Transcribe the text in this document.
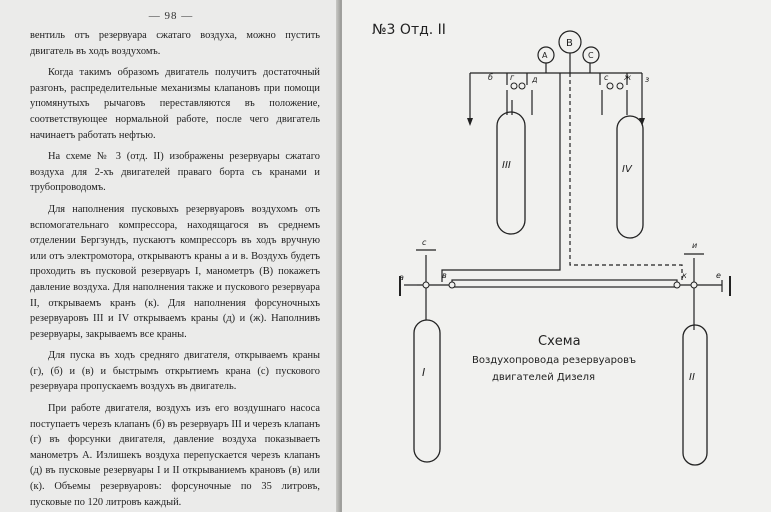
— 98 —

вентиль отъ резервуара сжатаго воздуха, можно пустить двигатель въ ходъ воздухомъ.

Когда такимъ образомъ двигатель получитъ достаточный разгонъ, распределительные механизмы клапановъ при помощи упомянутыхъ рычаговъ переставляются въ положение, соответствующее нормальной работе, после чего двигатель начинаетъ работать нефтью.

На схеме № 3 (отд. II) изображены резервуары сжатаго воздуха для 2-хъ двигателей праваго борта съ кранами и трубопроводомъ.

Для наполнения пусковыхъ резервуаровъ воздухомъ отъ вспомогательнаго компрессора, находящагося въ среднемъ отделении Бергзундъ, пускаютъ компрессоръ въ ходъ вручную или отъ электромотора, открываютъ краны а и в. Воздухъ будетъ проходить въ пусковой резервуаръ I, манометръ (В) покажетъ давление воздуха. Для наполнения также и пускового резервуара II, открываемъ кранъ (к). Для наполнения форсуночныхъ резервуаровъ III и IV открываемъ краны (д) и (ж). Наполнивъ резервуары, закрываемъ все краны.

Для пуска въ ходъ средняго двигателя, открываемъ краны (г), (б) и (в) и быстрымъ открытиемъ крана (с) пускового резервуара пропускаемъ воздухъ въ двигатель.

При работе двигателя, воздухъ изъ его воздушнаго насоса поступаетъ черезъ клапанъ (б) въ резервуаръ III и черезъ клапанъ (г) въ форсунки двигателя, давление воздуха показываетъ манометръ А. Излишекъ воздуха перепускается черезъ клапанъ (д) въ пусковые резервуары I и II открываниемъ крановъ (в) или (к). Объемы резервуаровъ: форсуночные по 35 литровъ, пусковые по 120 литровъ каждый.

№3 Отд. II
В
А	С
III	IV
I	II
б г д	с ж з
с
а	в	к
и
е
Схема
Воздухопровода резервуаровъ
двигателей Дизеля
